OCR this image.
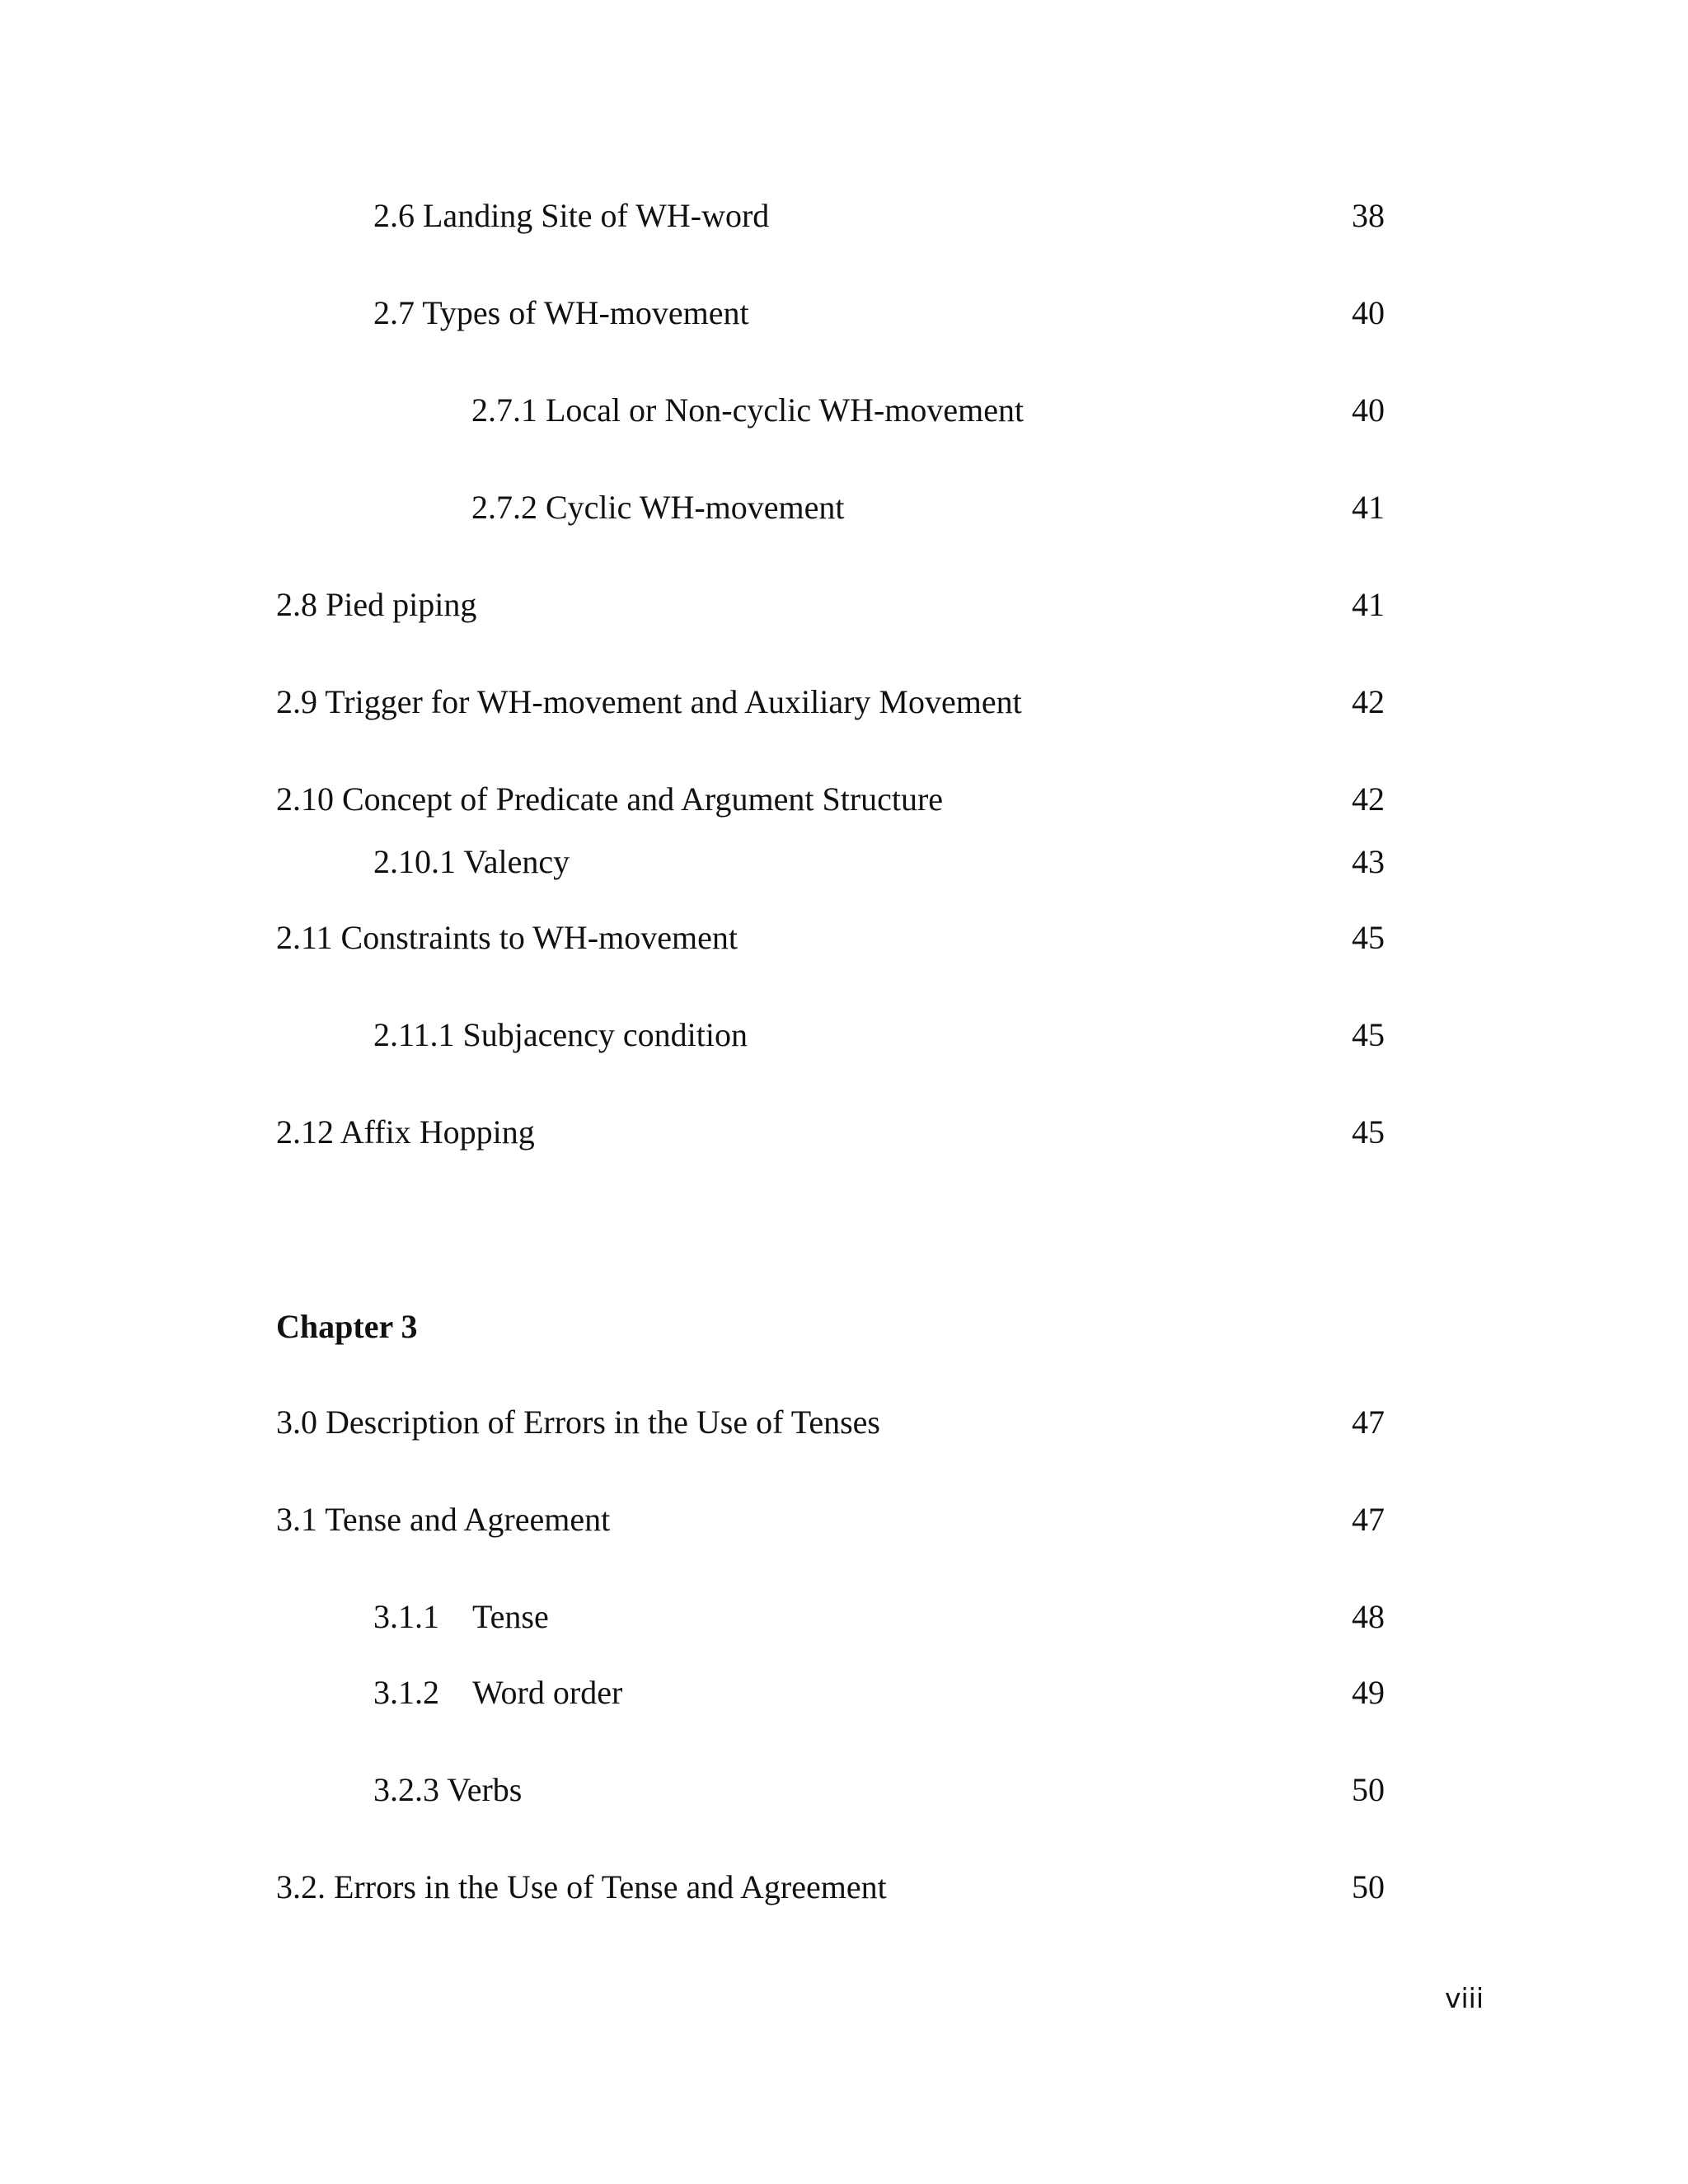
2.6 Landing Site of WH-word	38
2.7 Types of WH-movement	40
2.7.1 Local or Non-cyclic WH-movement	40
2.7.2 Cyclic WH-movement	41
2.8 Pied piping	41
2.9 Trigger for WH-movement and Auxiliary Movement	42
2.10 Concept of Predicate and Argument Structure	42
2.10.1 Valency	43
2.11 Constraints to WH-movement	45
2.11.1 Subjacency condition	45
2.12 Affix Hopping	45
Chapter 3
3.0 Description of Errors in the Use of Tenses	47
3.1 Tense and Agreement	47
3.1.1 Tense	48
3.1.2 Word order	49
3.2.3 Verbs	50
3.2. Errors in the Use of Tense and Agreement	50
viii
